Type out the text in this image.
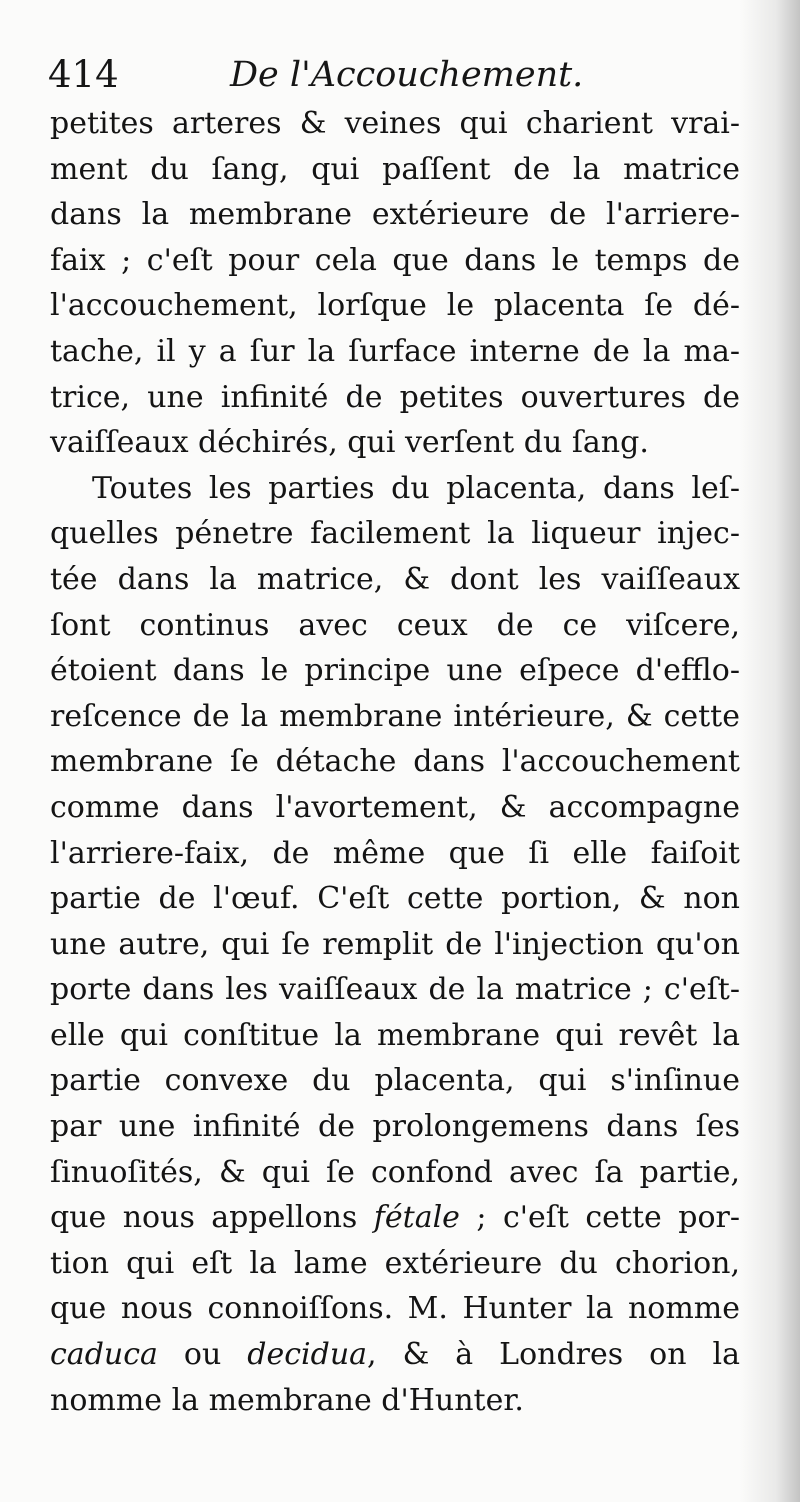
414	De l'Accouchement.
petites arteres & veines qui charient vrai-
ment du ſang, qui paſſent de la matrice
dans la membrane extérieure de l'arriere-
faix ; c'eſt pour cela que dans le temps de
l'accouchement, lorſque le placenta ſe dé-
tache, il y a ſur la ſurface interne de la ma-
trice, une infinité de petites ouvertures de
vaiſſeaux déchirés, qui verſent du ſang.
Toutes les parties du placenta, dans leſ-
quelles pénetre facilement la liqueur injec-
tée dans la matrice, & dont les vaiſſeaux
ſont continus avec ceux de ce viſcere,
étoient dans le principe une eſpece d'efflo-
reſcence de la membrane intérieure, & cette
membrane ſe détache dans l'accouchement
comme dans l'avortement, & accompagne
l'arriere-faix, de même que ſi elle faiſoit
partie de l'œuf. C'eſt cette portion, & non
une autre, qui ſe remplit de l'injection qu'on
porte dans les vaiſſeaux de la matrice ; c'eſt-
elle qui conſtitue la membrane qui revêt la
partie convexe du placenta, qui s'inſinue
par une infinité de prolongemens dans ſes
ſinuoſités, & qui ſe confond avec ſa partie,
que nous appellons fétale ; c'eſt cette por-
tion qui eſt la lame extérieure du chorion,
que nous connoiſſons. M. Hunter la nomme
caduca ou decidua, & à Londres on la
nomme la membrane d'Hunter.
